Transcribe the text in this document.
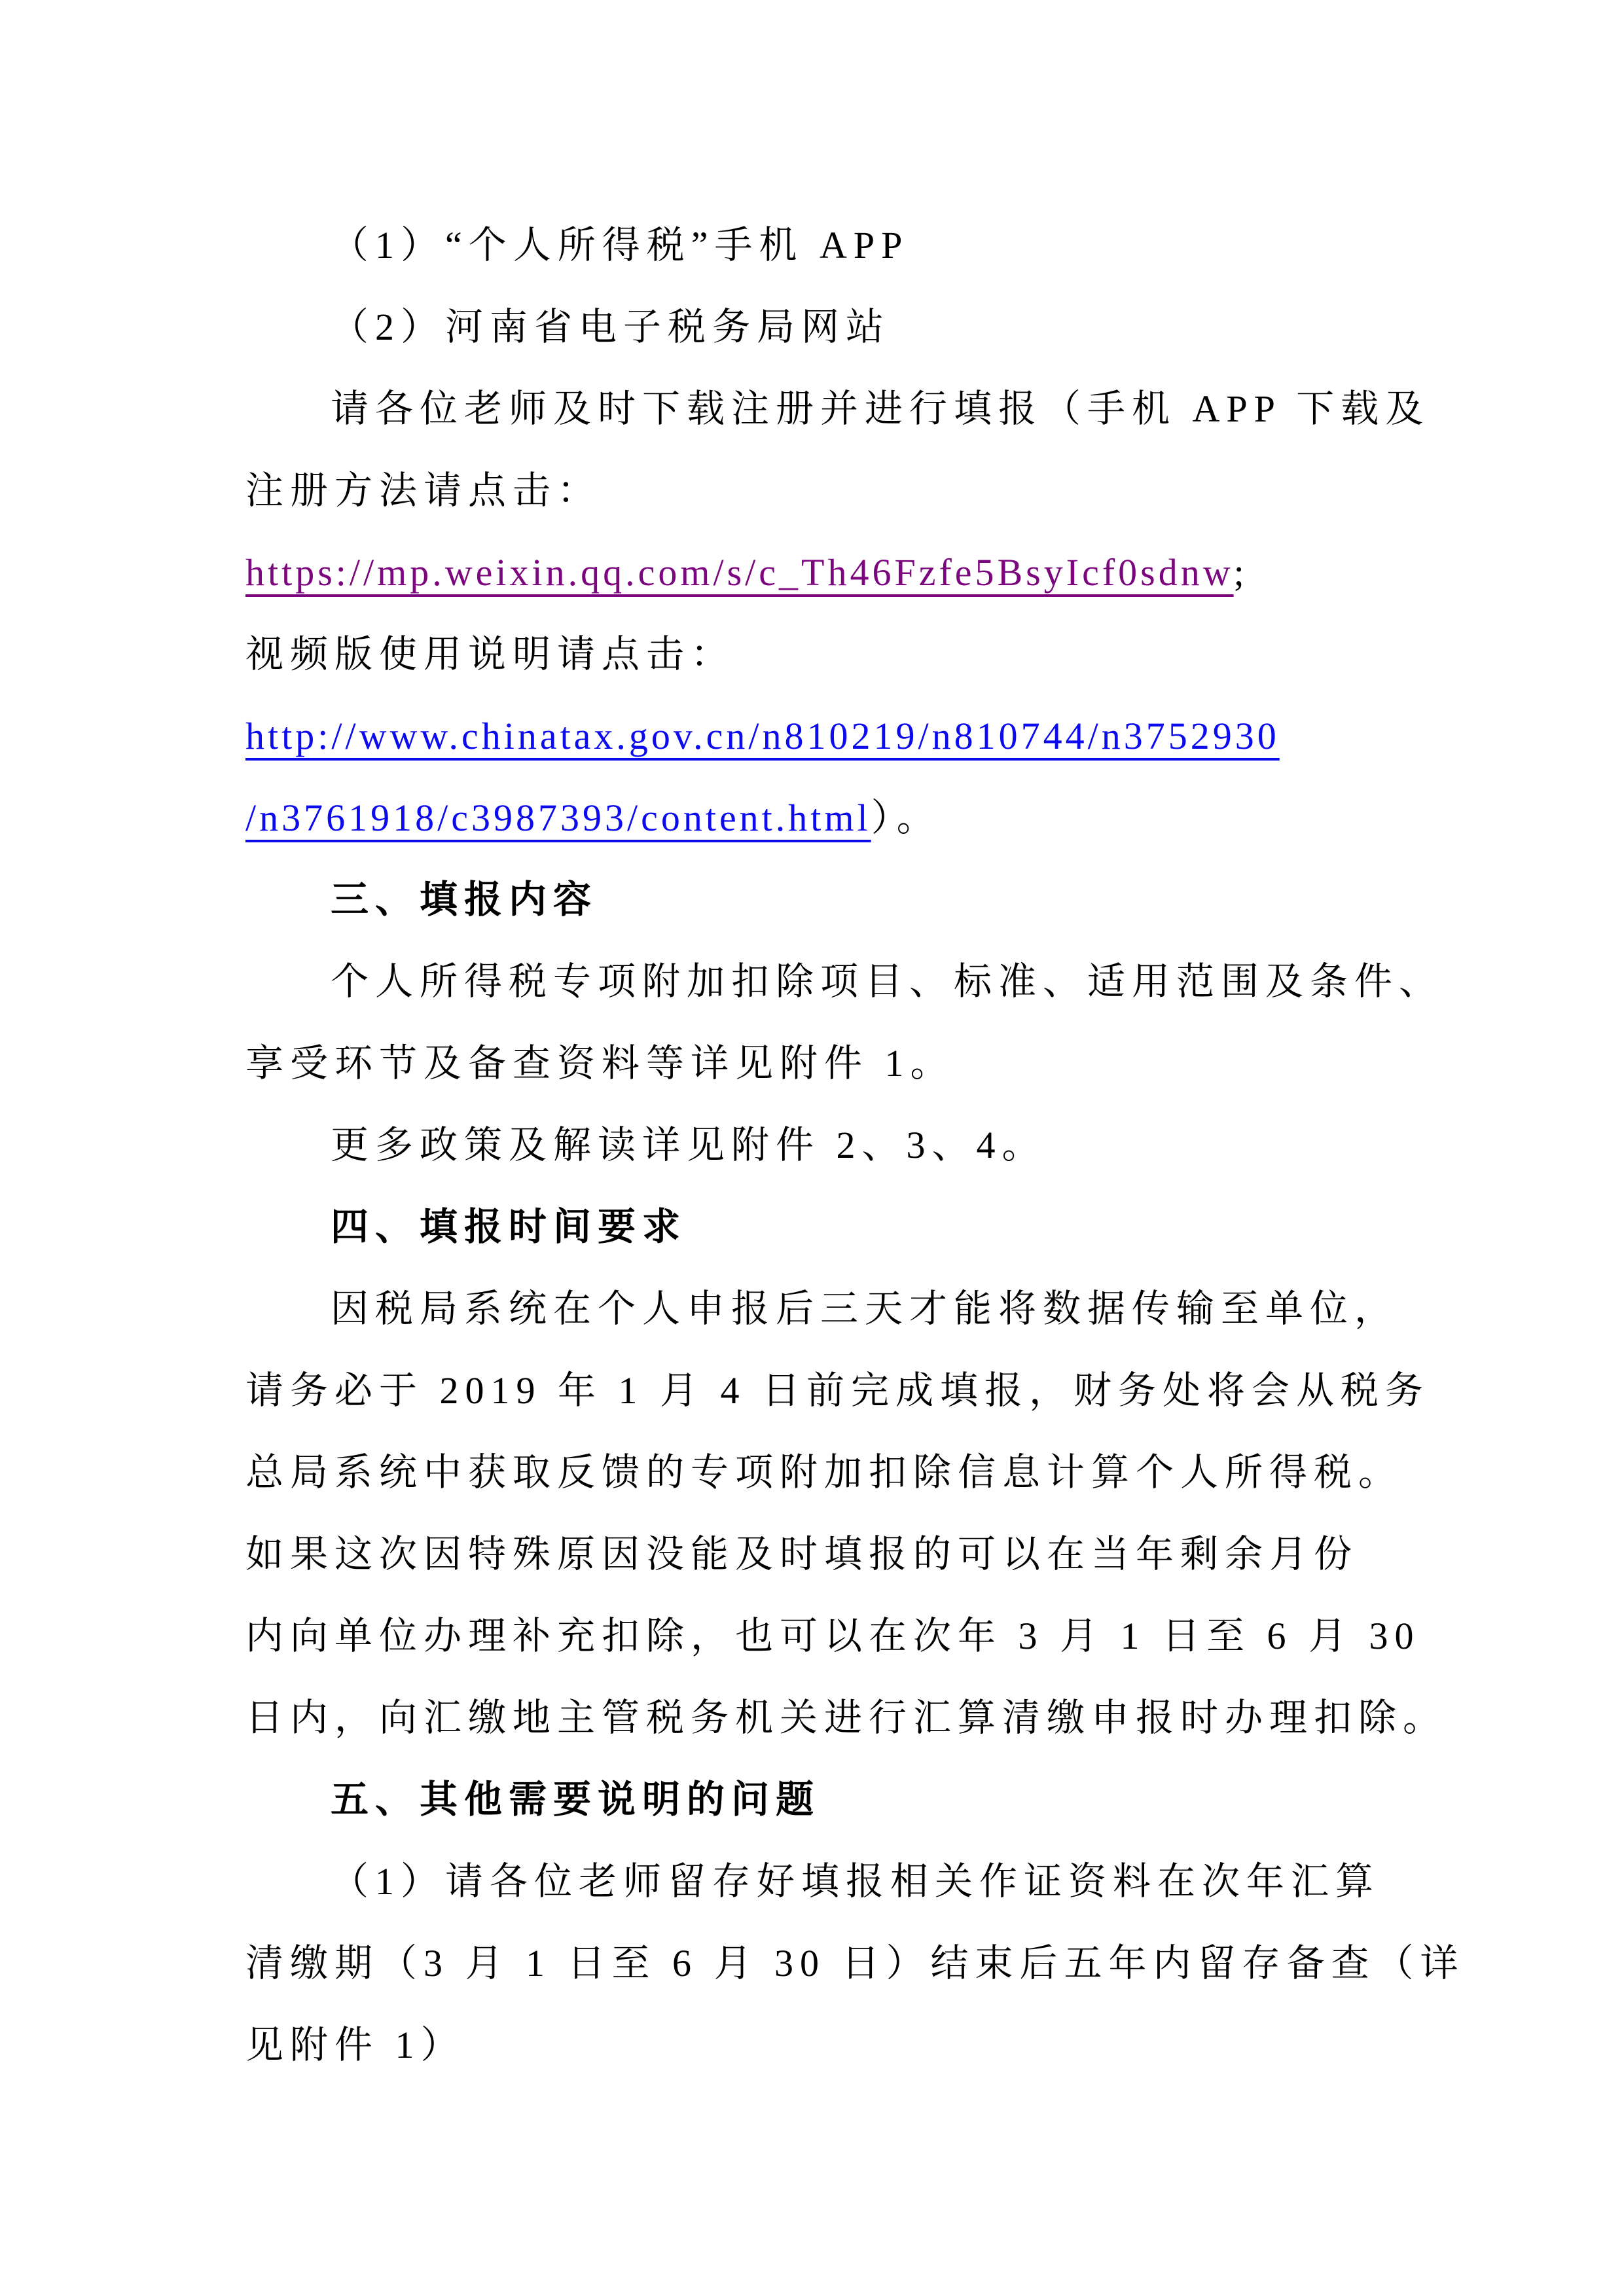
（1）“个人所得税”手机 APP
（2）河南省电子税务局网站
请各位老师及时下载注册并进行填报（手机 APP 下载及
注册方法请点击：
https://mp.weixin.qq.com/s/c_Th46Fzfe5BsyIcf0sdnw;
视频版使用说明请点击：
http://www.chinatax.gov.cn/n810219/n810744/n3752930
/n3761918/c3987393/content.html）。
三、填报内容
个人所得税专项附加扣除项目、标准、适用范围及条件、
享受环节及备查资料等详见附件 1。
更多政策及解读详见附件 2、3、4。
四、填报时间要求
因税局系统在个人申报后三天才能将数据传输至单位，
请务必于 2019 年 1 月 4 日前完成填报，财务处将会从税务
总局系统中获取反馈的专项附加扣除信息计算个人所得税。
如果这次因特殊原因没能及时填报的可以在当年剩余月份
内向单位办理补充扣除，也可以在次年 3 月 1 日至 6 月 30
日内，向汇缴地主管税务机关进行汇算清缴申报时办理扣除。
五、其他需要说明的问题
（1）请各位老师留存好填报相关作证资料在次年汇算
清缴期（3 月 1 日至 6 月 30 日）结束后五年内留存备查（详
见附件 1）
